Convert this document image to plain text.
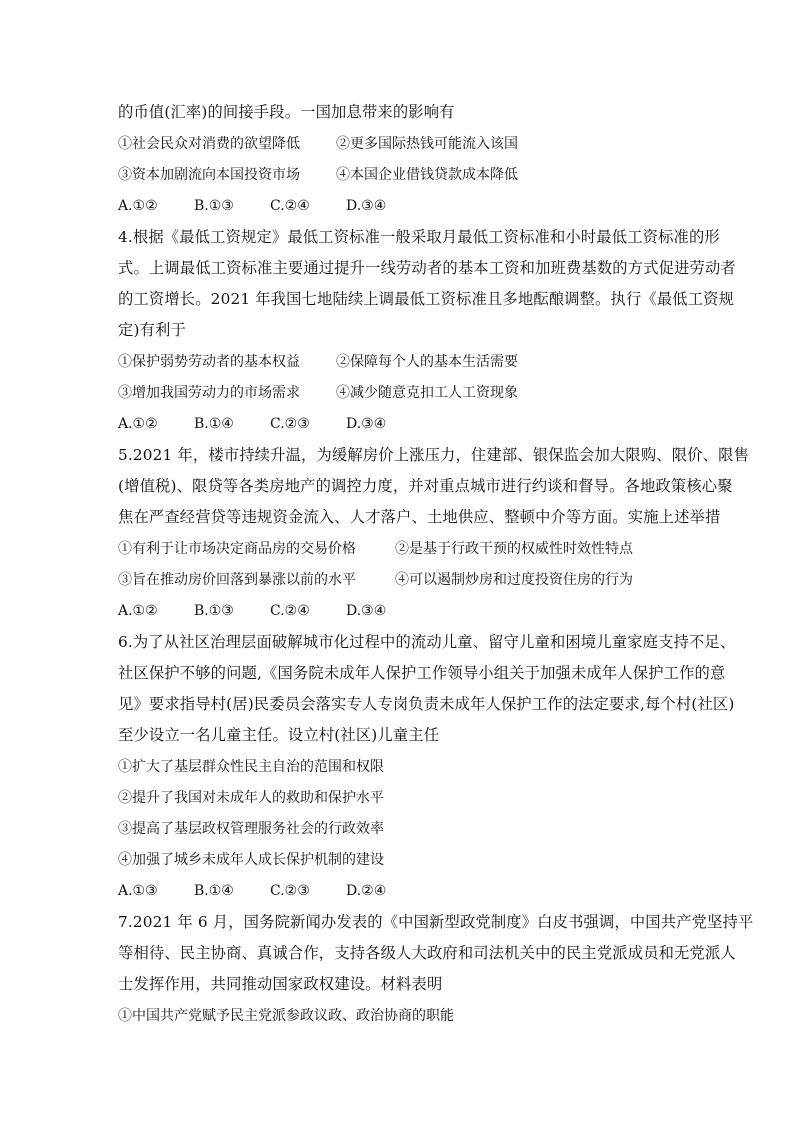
的币值(汇率)的间接手段。一国加息带来的影响有
①社会民众对消费的欲望降低	②更多国际热钱可能流入该国
③资本加剧流向本国投资市场	④本国企业借钱贷款成本降低
A.①②	B.①③	C.②④	D.③④
4.根据《最低工资规定》最低工资标准一般采取月最低工资标准和小时最低工资标准的形
式。上调最低工资标准主要通过提升一线劳动者的基本工资和加班费基数的方式促进劳动者
的工资增长。2021 年我国七地陆续上调最低工资标准且多地酝酿调整。执行《最低工资规
定)有利于
①保护弱势劳动者的基本权益	②保障每个人的基本生活需要
③增加我国劳动力的市场需求	④减少随意克扣工人工资现象
A.①②	B.①④	C.②③	D.③④
5.2021 年，楼市持续升温，为缓解房价上涨压力，住建部、银保监会加大限购、限价、限售
(增值税)、限贷等各类房地产的调控力度，并对重点城市进行约谈和督导。各地政策核心聚
焦在严查经营贷等违规资金流入、人才落户、土地供应、整顿中介等方面。实施上述举措
①有利于让市场决定商品房的交易价格	②是基于行政干预的权威性时效性特点
③旨在推动房价回落到暴涨以前的水平	④可以遏制炒房和过度投资住房的行为
A.①②	B.①③	C.②④	D.③④
6.为了从社区治理层面破解城市化过程中的流动儿童、留守儿童和困境儿童家庭支持不足、
社区保护不够的问题,《国务院未成年人保护工作领导小组关于加强未成年人保护工作的意
见》要求指导村(居)民委员会落实专人专岗负责未成年人保护工作的法定要求,每个村(社区)
至少设立一名儿童主任。设立村(社区)儿童主任
①扩大了基层群众性民主自治的范围和权限
②提升了我国对未成年人的救助和保护水平
③提高了基层政权管理服务社会的行政效率
④加强了城乡未成年人成长保护机制的建设
A.①③	B.①④	C.②③	D.②④
7.2021 年 6 月，国务院新闻办发表的《中国新型政党制度》白皮书强调，中国共产党坚持平
等相待、民主协商、真诚合作，支持各级人大政府和司法机关中的民主党派成员和无党派人
士发挥作用，共同推动国家政权建设。材料表明
①中国共产党赋予民主党派参政议政、政治协商的职能
